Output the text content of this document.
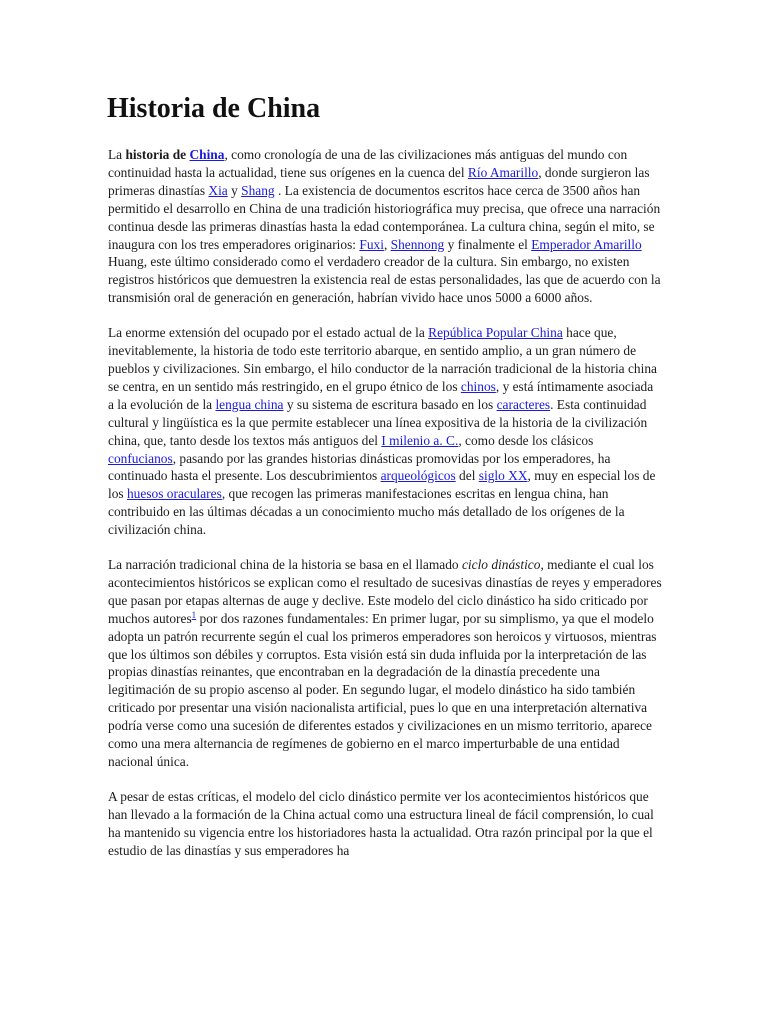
Historia de China

La historia de China, como cronología de una de las civilizaciones más antiguas del mundo con continuidad hasta la actualidad, tiene sus orígenes en la cuenca del Río Amarillo, donde surgieron las primeras dinastías Xia y Shang . La existencia de documentos escritos hace cerca de 3500 años han permitido el desarrollo en China de una tradición historiográfica muy precisa, que ofrece una narración continua desde las primeras dinastías hasta la edad contemporánea. La cultura china, según el mito, se inaugura con los tres emperadores originarios: Fuxi, Shennong y finalmente el Emperador Amarillo Huang, este último considerado como el verdadero creador de la cultura. Sin embargo, no existen registros históricos que demuestren la existencia real de estas personalidades, las que de acuerdo con la transmisión oral de generación en generación, habrían vivido hace unos 5000 a 6000 años.

La enorme extensión del ocupado por el estado actual de la República Popular China hace que, inevitablemente, la historia de todo este territorio abarque, en sentido amplio, a un gran número de pueblos y civilizaciones. Sin embargo, el hilo conductor de la narración tradicional de la historia china se centra, en un sentido más restringido, en el grupo étnico de los chinos, y está íntimamente asociada a la evolución de la lengua china y su sistema de escritura basado en los caracteres. Esta continuidad cultural y lingüística es la que permite establecer una línea expositiva de la historia de la civilización china, que, tanto desde los textos más antiguos del I milenio a. C., como desde los clásicos confucianos, pasando por las grandes historias dinásticas promovidas por los emperadores, ha continuado hasta el presente. Los descubrimientos arqueológicos del siglo XX, muy en especial los de los huesos oraculares, que recogen las primeras manifestaciones escritas en lengua china, han contribuido en las últimas décadas a un conocimiento mucho más detallado de los orígenes de la civilización china.

La narración tradicional china de la historia se basa en el llamado ciclo dinástico, mediante el cual los acontecimientos históricos se explican como el resultado de sucesivas dinastías de reyes y emperadores que pasan por etapas alternas de auge y declive. Este modelo del ciclo dinástico ha sido criticado por muchos autores$^1$ por dos razones fundamentales: En primer lugar, por su simplismo, ya que el modelo adopta un patrón recurrente según el cual los primeros emperadores son heroicos y virtuosos, mientras que los últimos son débiles y corruptos. Esta visión está sin duda influida por la interpretación de las propias dinastías reinantes, que encontraban en la degradación de la dinastía precedente una legitimación de su propio ascenso al poder. En segundo lugar, el modelo dinástico ha sido también criticado por presentar una visión nacionalista artificial, pues lo que en una interpretación alternativa podría verse como una sucesión de diferentes estados y civilizaciones en un mismo territorio, aparece como una mera alternancia de regímenes de gobierno en el marco imperturbable de una entidad nacional única.

A pesar de estas críticas, el modelo del ciclo dinástico permite ver los acontecimientos históricos que han llevado a la formación de la China actual como una estructura lineal de fácil comprensión, lo cual ha mantenido su vigencia entre los historiadores hasta la actualidad. Otra razón principal por la que el estudio de las dinastías y sus emperadores ha
